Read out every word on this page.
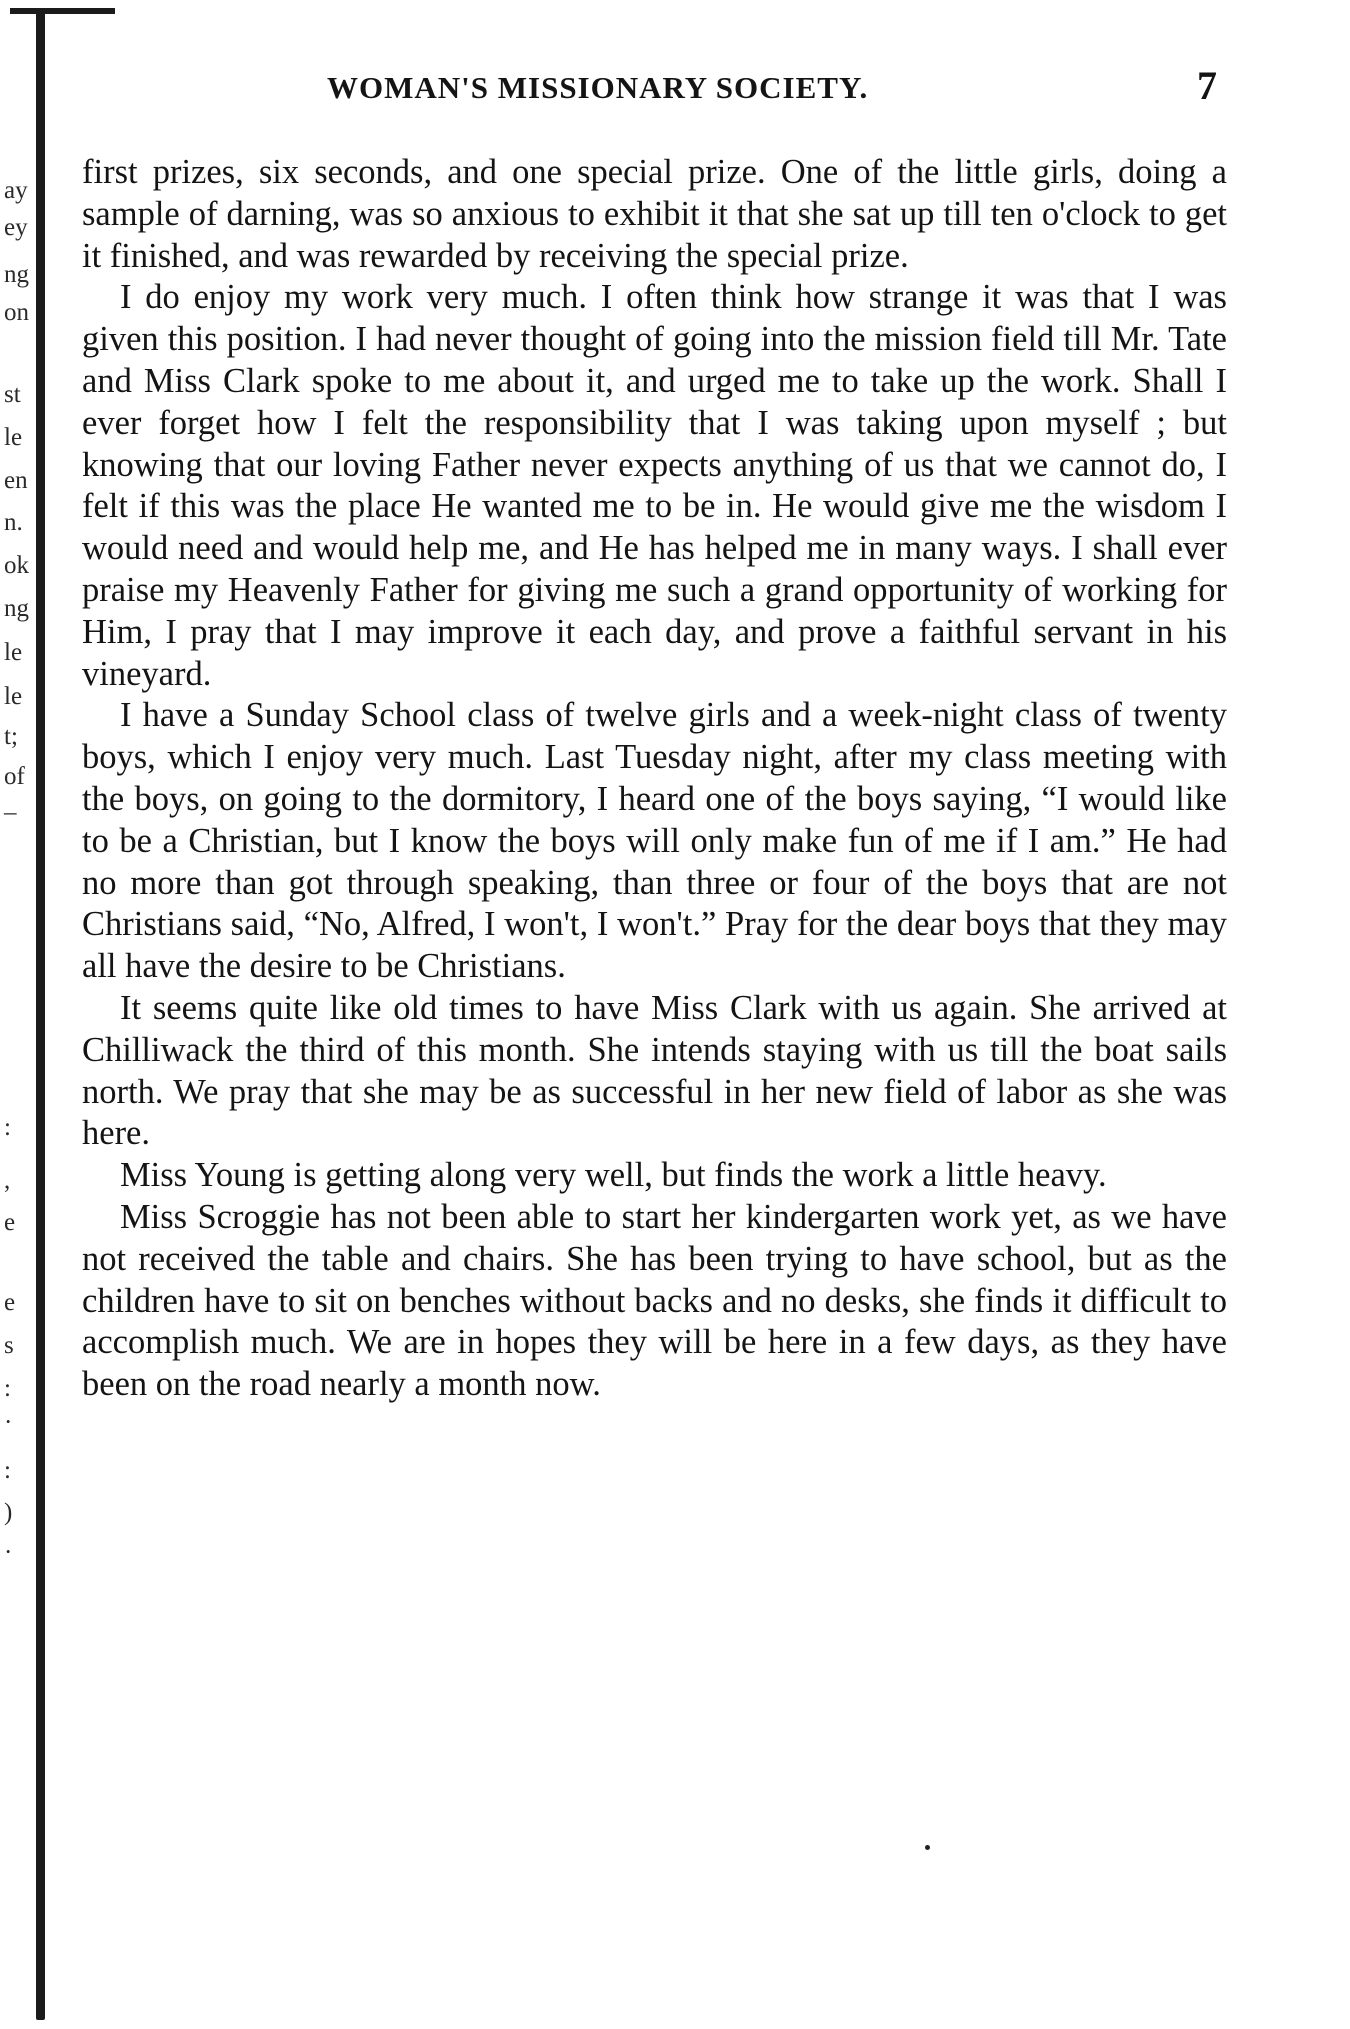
ay
ey
ng
on
st
le
en
n.
ok
ng
le
le
t;
of
–
:
,
e
e
s
:
·
:
)
·
WOMAN'S MISSIONARY SOCIETY.	7

first prizes, six seconds, and one special prize. One of the little girls, doing a sample of darning, was so anxious to exhibit it that she sat up till ten o'clock to get it finished, and was rewarded by receiving the special prize.

I do enjoy my work very much. I often think how strange it was that I was given this position. I had never thought of going into the mission field till Mr. Tate and Miss Clark spoke to me about it, and urged me to take up the work. Shall I ever forget how I felt the responsibility that I was taking upon myself ; but knowing that our loving Father never expects anything of us that we cannot do, I felt if this was the place He wanted me to be in. He would give me the wisdom I would need and would help me, and He has helped me in many ways. I shall ever praise my Heavenly Father for giving me such a grand opportunity of working for Him, I pray that I may improve it each day, and prove a faithful servant in his vineyard.

I have a Sunday School class of twelve girls and a week-night class of twenty boys, which I enjoy very much. Last Tuesday night, after my class meeting with the boys, on going to the dormitory, I heard one of the boys saying, “I would like to be a Christian, but I know the boys will only make fun of me if I am.” He had no more than got through speaking, than three or four of the boys that are not Christians said, “No, Alfred, I won't, I won't.” Pray for the dear boys that they may all have the desire to be Christians.

It seems quite like old times to have Miss Clark with us again. She arrived at Chilliwack the third of this month. She intends staying with us till the boat sails north. We pray that she may be as successful in her new field of labor as she was here.

Miss Young is getting along very well, but finds the work a little heavy.

Miss Scroggie has not been able to start her kindergarten work yet, as we have not received the table and chairs. She has been trying to have school, but as the children have to sit on benches without backs and no desks, she finds it difficult to accomplish much. We are in hopes they will be here in a few days, as they have been on the road nearly a month now.
